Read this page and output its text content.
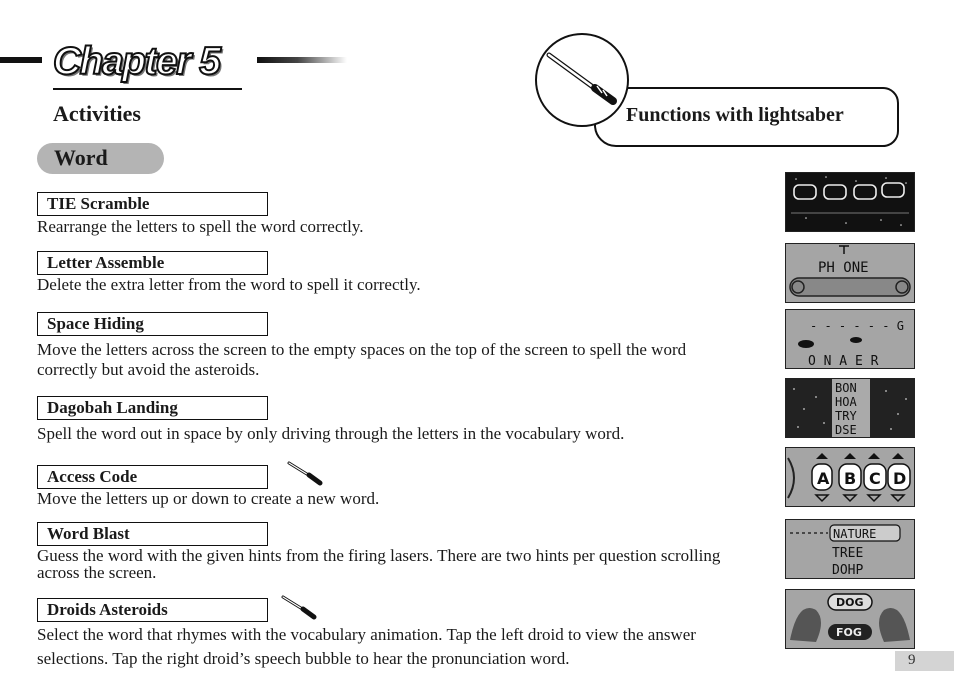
Chapter 5
Activities
Word
Functions with lightsaber
TIE Scramble
Rearrange the letters to spell the word correctly.
Letter Assemble
Delete the extra letter from the word to spell it correctly.
Space Hiding
Move the letters across the screen to the empty spaces on the top of the screen to spell the word correctly but avoid the asteroids.
Dagobah Landing
Spell the word out in space by only driving through the letters in the vocabulary word.
Access Code
Move the letters up or down to create a new word.
Word Blast
Guess the word with the given hints from the firing lasers. There are two hints per question scrolling across the screen.
Droids Asteroids
Select the word that rhymes with the vocabulary animation. Tap the left droid to view the answer selections. Tap the right droid’s speech bubble to hear the pronunciation word.
PH ONE
- - - - - - G
O N A E R
BON
HOA
TRY
DSE
A B C D
NATURE
TREE
DOHP
DOG
FOG
9
